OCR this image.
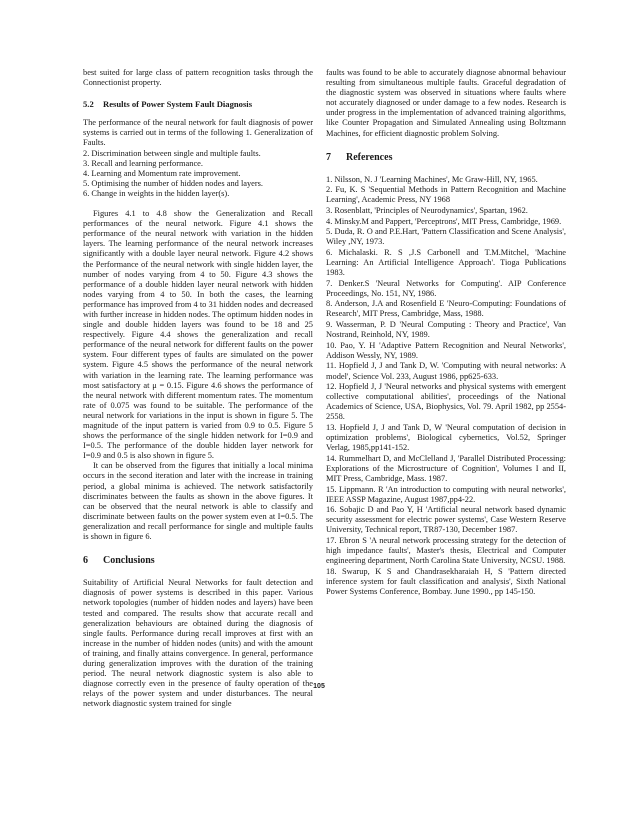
best suited for large class of pattern recognition tasks through the Connectionist property.

5.2 Results of Power System Fault Diagnosis

The performance of the neural network for fault diagnosis of power systems is carried out in terms of the following 1. Generalization of Faults.

2. Discrimination between single and multiple faults.

3. Recall and learning performance.

4. Learning and Momentum rate improvement.

5. Optimising the number of hidden nodes and layers.

6. Change in weights in the hidden layer(s).

Figures 4.1 to 4.8 show the Generalization and Recall performances of the neural network. Figure 4.1 shows the performance of the neural network with variation in the hidden layers. The learning performance of the neural network increases significantly with a double layer neural network. Figure 4.2 shows the Performance of the neural network with single hidden layer, the number of nodes varying from 4 to 50. Figure 4.3 shows the performance of a double hidden layer neural network with hidden nodes varying from 4 to 50. In both the cases, the learning performance has improved from 4 to 31 hidden nodes and decreased with further increase in hidden nodes. The optimum hidden nodes in single and double hidden layers was found to be 18 and 25 respectively. Figure 4.4 shows the generalization and recall performance of the neural network for different faults on the power system. Four different types of faults are simulated on the power system. Figure 4.5 shows the performance of the neural network with variation in the learning rate. The learning performance was most satisfactory at μ = 0.15. Figure 4.6 shows the performance of the neural network with different momentum rates. The momentum rate of 0.075 was found to be suitable. The performance of the neural network for variations in the input is shown in figure 5. The magnitude of the input pattern is varied from 0.9 to 0.5. Figure 5 shows the performance of the single hidden network for I=0.9 and I=0.5. The performance of the double hidden layer network for I=0.9 and 0.5 is also shown in figure 5.

It can be observed from the figures that initially a local minima occurs in the second iteration and later with the increase in training period, a global minima is achieved. The network satisfactorily discriminates between the faults as shown in the above figures. It can be observed that the neural network is able to classify and discriminate between faults on the power system even at I=0.5. The generalization and recall performance for single and multiple faults is shown in figure 6.

6 Conclusions

Suitability of Artificial Neural Networks for fault detection and diagnosis of power systems is described in this paper. Various network topologies (number of hidden nodes and layers) have been tested and compared. The results show that accurate recall and generalization behaviours are obtained during the diagnosis of single faults. Performance during recall improves at first with an increase in the number of hidden nodes (units) and with the amount of training, and finally attains convergence. In general, performance during generalization improves with the duration of the training period. The neural network diagnostic system is also able to diagnose correctly even in the presence of faulty operation of the relays of the power system and under disturbances. The neural network diagnostic system trained for single

faults was found to be able to accurately diagnose abnormal behaviour resulting from simultaneous multiple faults. Graceful degradation of the diagnostic system was observed in situations where faults where not accurately diagnosed or under damage to a few nodes. Research is under progress in the implementation of advanced training algorithms, like Counter Propagation and Simulated Annealing using Boltzmann Machines, for efficient diagnostic problem Solving.

7 References

1. Nilsson, N. J 'Learning Machines', Mc Graw-Hill, NY, 1965.

2. Fu, K. S 'Sequential Methods in Pattern Recognition and Machine Learning', Academic Press, NY 1968

3. Rosenblatt, 'Principles of Neurodynamics', Spartan, 1962.

4. Minsky.M and Pappert, 'Perceptrons', MIT Press, Cambridge, 1969.

5. Duda, R. O and P.E.Hart, 'Pattern Classification and Scene Analysis', Wiley ,NY, 1973.

6. Michalaski. R. S ,J.S Carbonell and T.M.Mitchel, 'Machine Learning: An Artificial Intelligence Approach'. Tioga Publications 1983.

7. Denker.S 'Neural Networks for Computing'. AIP Conference Proceedings, No. 151, NY, 1986.

8. Anderson, J.A and Rosenfield E 'Neuro-Computing: Foundations of Research', MIT Press, Cambridge, Mass, 1988.

9. Wasserman, P. D 'Neural Computing : Theory and Practice', Van Nostrand, Reinhold, NY, 1989.

10. Pao, Y. H 'Adaptive Pattern Recognition and Neural Networks', Addison Wessly, NY, 1989.

11. Hopfield J, J and Tank D, W. 'Computing with neural networks: A model', Science Vol. 233, August 1986, pp625-633.

12. Hopfield J, J 'Neural networks and physical systems with emergent collective computational abilities', proceedings of the National Academics of Science, USA, Biophysics, Vol. 79. April 1982, pp 2554-2558.

13. Hopfield J, J and Tank D, W 'Neural computation of decision in optimization problems', Biological cybernetics, Vol.52, Springer Verlag, 1985,pp141-152.

14. Rummelhart D, and McClelland J, 'Parallel Distributed Processing: Explorations of the Microstructure of Cognition', Volumes I and II, MIT Press, Cambridge, Mass. 1987.

15. Lippmann. R 'An introduction to computing with neural networks', IEEE ASSP Magazine, August 1987,pp4-22.

16. Sobajic D and Pao Y, H 'Artificial neural network based dynamic security assessment for electric power systems', Case Western Reserve University, Technical report, TR87-130, December 1987.

17. Ebron S 'A neural network processing strategy for the detection of high impedance faults', Master's thesis, Electrical and Computer engineering department, North Carolina State University, NCSU. 1988.

18. Swarup, K S and Chandrasekharaiah H, S 'Pattern directed inference system for fault classification and analysis', Sixth National Power Systems Conference, Bombay. June 1990., pp 145-150.

105
